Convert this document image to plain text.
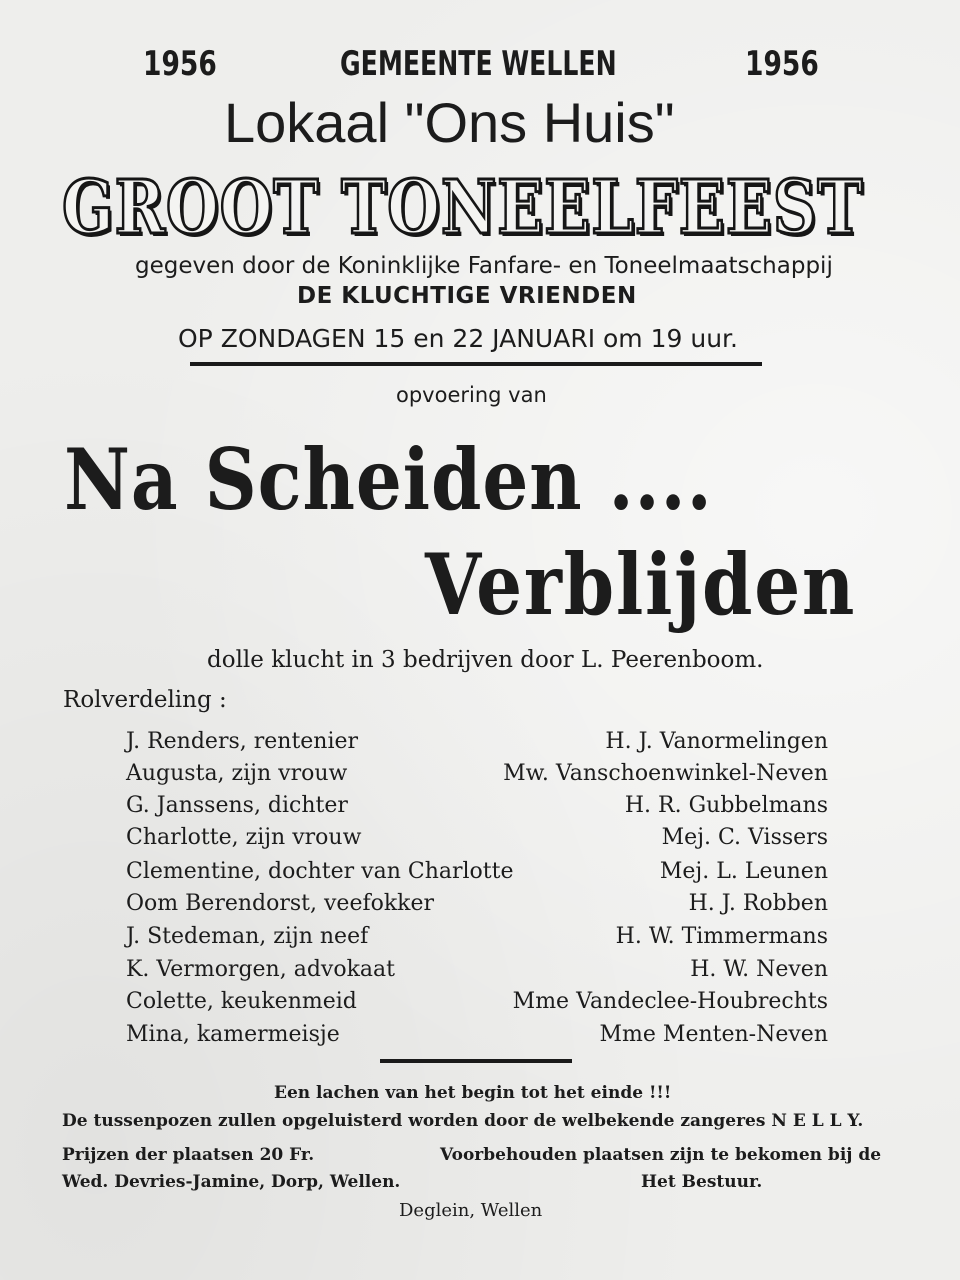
1956	GEMEENTE WELLEN	1956
Lokaal "Ons Huis"
GROOT TONEELFEEST
gegeven door de Koninklijke Fanfare- en Toneelmaatschappij
DE KLUCHTIGE VRIENDEN
OP ZONDAGEN 15 en 22 JANUARI om 19 uur.
opvoering van
Na Scheiden ....
Verblijden
dolle klucht in 3 bedrijven door L. Peerenboom.
Rolverdeling :
J. Renders, rentenier	H. J. Vanormelingen
Augusta, zijn vrouw	Mw. Vanschoenwinkel-Neven
G. Janssens, dichter	H. R. Gubbelmans
Charlotte, zijn vrouw	Mej. C. Vissers
Clementine, dochter van Charlotte	Mej. L. Leunen
Oom Berendorst, veefokker	H. J. Robben
J. Stedeman, zijn neef	H. W. Timmermans
K. Vermorgen, advokaat	H. W. Neven
Colette, keukenmeid	Mme Vandeclee-Houbrechts
Mina, kamermeisje	Mme Menten-Neven
Een lachen van het begin tot het einde !!!
De tussenpozen zullen opgeluisterd worden door de welbekende zangeres N E L L Y.
Prijzen der plaatsen 20 Fr.	Voorbehouden plaatsen zijn te bekomen bij de
Wed. Devries-Jamine, Dorp, Wellen.	Het Bestuur.
Deglein, Wellen
